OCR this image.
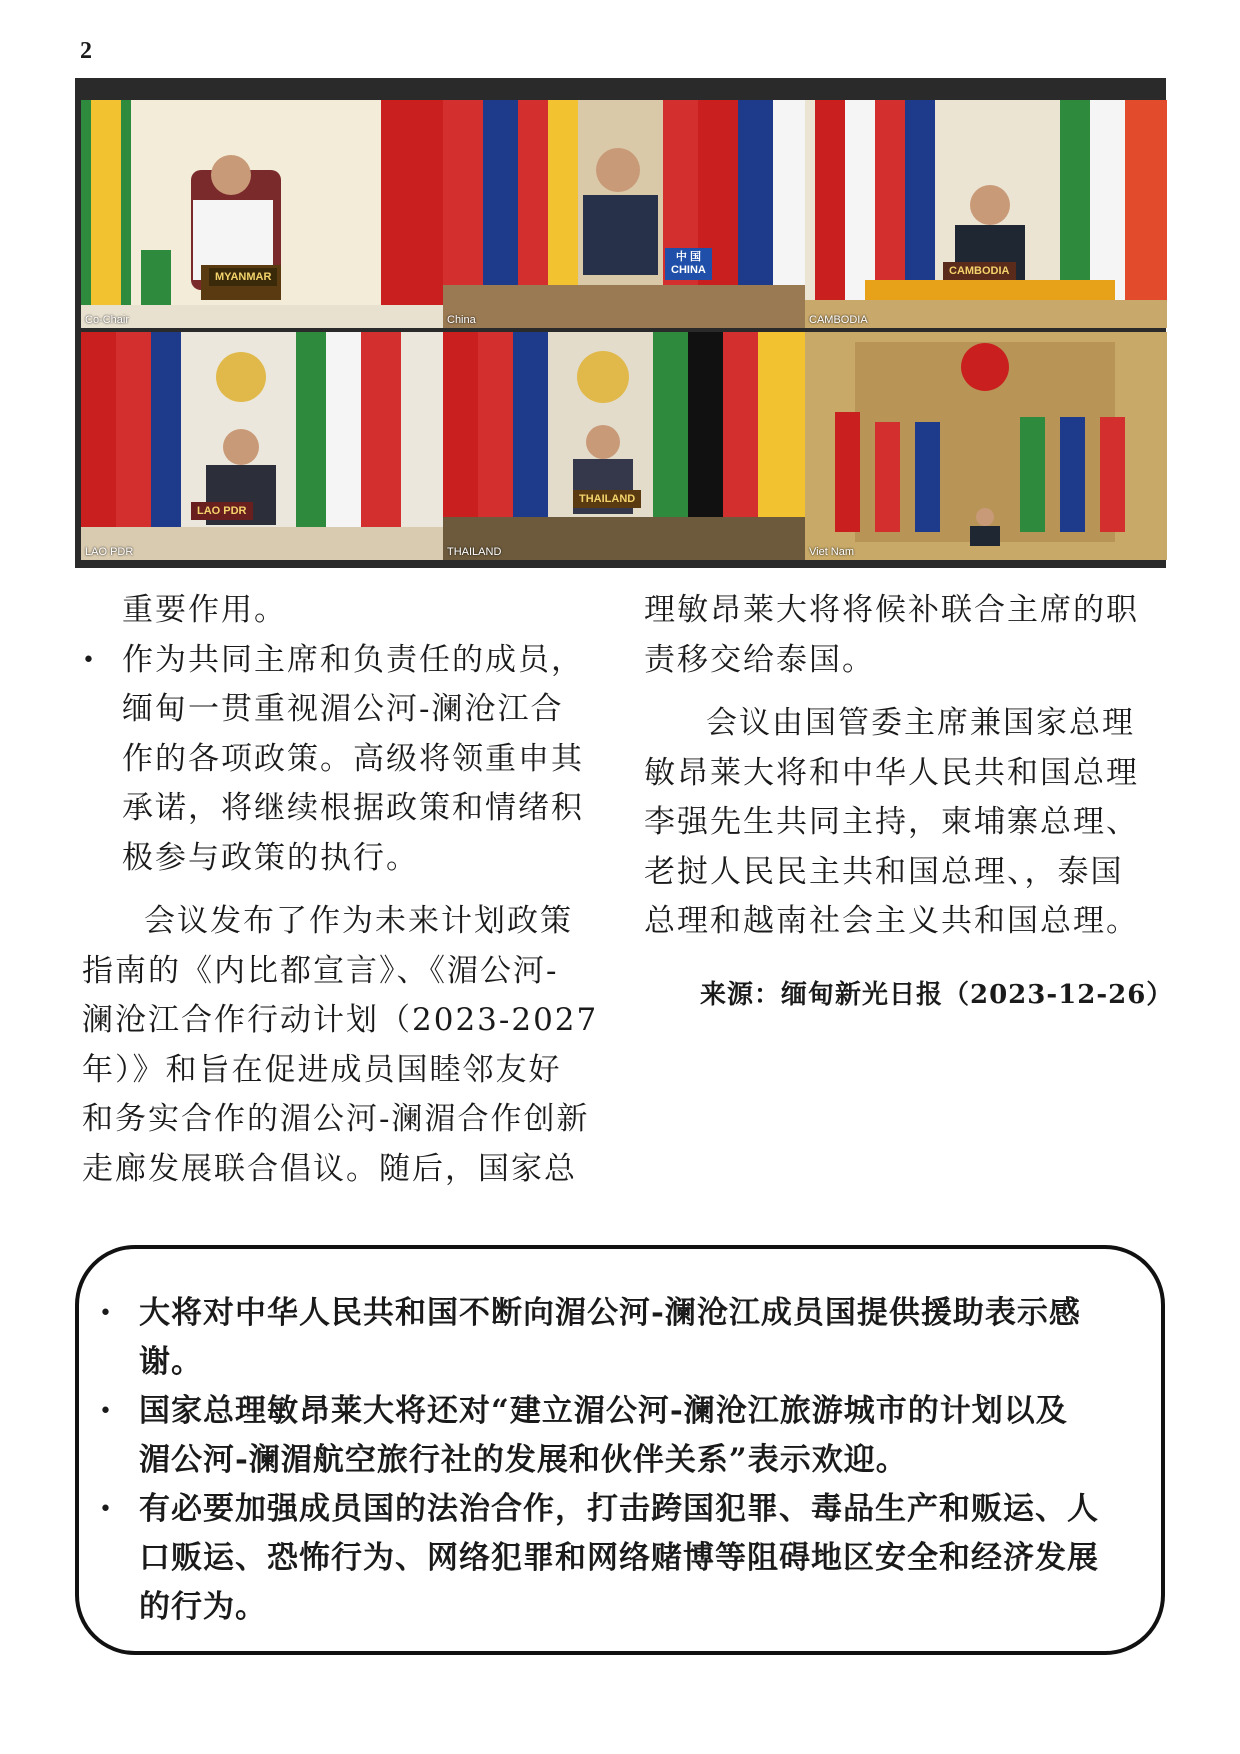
2
MYANMAR
Co-Chair
中 国
CHINA
China
CAMBODIA
CAMBODIA
LAO PDR
LAO PDR
THAILAND
THAILAND	Viet Nam

重要作用。

• 作为共同主席和负责任的成员，

缅甸一贯重视湄公河-澜沧江合

作的各项政策。高级将领重申其

承诺，将继续根据政策和情绪积

极参与政策的执行。

会议发布了作为未来计划政策

指南的《内比都宣言》、《湄公河-

澜沧江合作行动计划（2023-2027

年）》和旨在促进成员国睦邻友好

和务实合作的湄公河-澜湄合作创新

走廊发展联合倡议。随后，国家总

理敏昂莱大将将候补联合主席的职

责移交给泰国。

会议由国管委主席兼国家总理

敏昂莱大将和中华人民共和国总理

李强先生共同主持，柬埔寨总理、

老挝人民民主共和国总理、，泰国

总理和越南社会主义共和国总理。

来源：缅甸新光日报（2023-12-26）
• 大将对中华人民共和国不断向湄公河-澜沧江成员国提供援助表示感
谢。
• 国家总理敏昂莱大将还对“建立湄公河-澜沧江旅游城市的计划以及
湄公河-澜湄航空旅行社的发展和伙伴关系”表示欢迎。
• 有必要加强成员国的法治合作，打击跨国犯罪、毒品生产和贩运、人
口贩运、恐怖行为、网络犯罪和网络赌博等阻碍地区安全和经济发展
的行为。
